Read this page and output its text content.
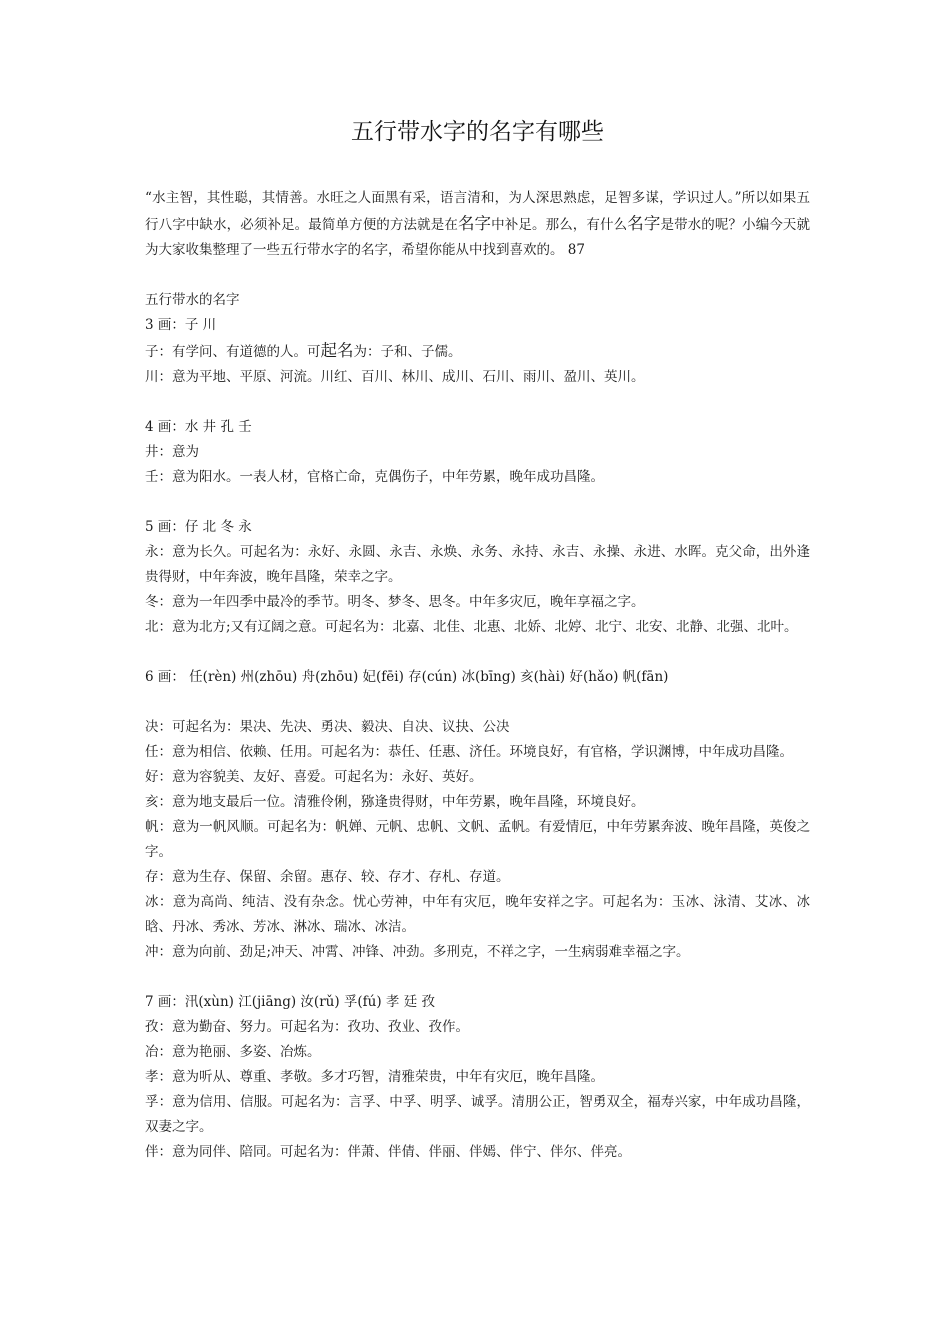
五行带水字的名字有哪些

“水主智，其性聪，其情善。水旺之人面黑有采，语言清和，为人深思熟虑，足智多谋，学识过人。”所以如果五行八字中缺水，必须补足。最简单方便的方法就是在名字中补足。那么，有什么名字是带水的呢？小编今天就为大家收集整理了一些五行带水字的名字，希望你能从中找到喜欢的。 87

五行带水的名字

3 画：子 川

子：有学问、有道德的人。可起名为：子和、子儒。

川：意为平地、平原、河流。川红、百川、林川、成川、石川、雨川、盈川、英川。

4 画：水 井 孔 壬

井：意为

壬：意为阳水。一表人材，官格亡命，克偶伤子，中年劳累，晚年成功昌隆。

5 画：仔 北 冬 永

永：意为长久。可起名为：永好、永圆、永吉、永焕、永务、永持、永吉、永操、永进、水晖。克父命，出外逢贵得财，中年奔波，晚年昌隆，荣幸之字。

冬：意为一年四季中最冷的季节。明冬、梦冬、思冬。中年多灾厄，晚年享福之字。

北：意为北方;又有辽阔之意。可起名为：北嘉、北佳、北惠、北娇、北婷、北宁、北安、北静、北强、北叶。

6 画： 任(rèn) 州(zhōu) 舟(zhōu) 妃(fēi) 存(cún) 冰(bīng) 亥(hài) 好(hǎo) 帆(fān)

决：可起名为：果决、先决、勇决、毅决、自决、议抉、公决

任：意为相信、依赖、任用。可起名为：恭任、任惠、济任。环境良好，有官格，学识渊博，中年成功昌隆。

好：意为容貌美、友好、喜爱。可起名为：永好、英好。

亥：意为地支最后一位。清雅伶俐，猕逢贵得财，中年劳累，晚年昌隆，环境良好。

帆：意为一帆风顺。可起名为：帆婵、元帆、忠帆、文帆、孟帆。有爱情厄，中年劳累奔波、晚年昌隆，英俊之字。

存：意为生存、保留、余留。惠存、较、存才、存札、存道。

冰：意为高尚、纯洁、没有杂念。忧心劳神，中年有灾厄，晚年安祥之字。可起名为：玉冰、泳清、艾冰、冰晗、丹冰、秀冰、芳冰、淋冰、瑞冰、冰洁。

冲：意为向前、劲足;冲天、冲霄、冲锋、冲劲。多刑克，不祥之字，一生病弱难幸福之字。

7 画：汛(xùn) 江(jiāng) 汝(rǔ) 孚(fú) 孝 廷 孜

孜：意为勤奋、努力。可起名为：孜功、孜业、孜作。

冶：意为艳丽、多姿、冶炼。

孝：意为听从、尊重、孝敬。多才巧智，清雅荣贵，中年有灾厄，晚年昌隆。

孚：意为信用、信服。可起名为：言孚、中孚、明孚、诚孚。清朋公正，智勇双全，福寿兴家，中年成功昌隆，双妻之字。

伴：意为同伴、陪同。可起名为：伴萧、伴倩、伴丽、伴嫣、伴宁、伴尔、伴亮。
